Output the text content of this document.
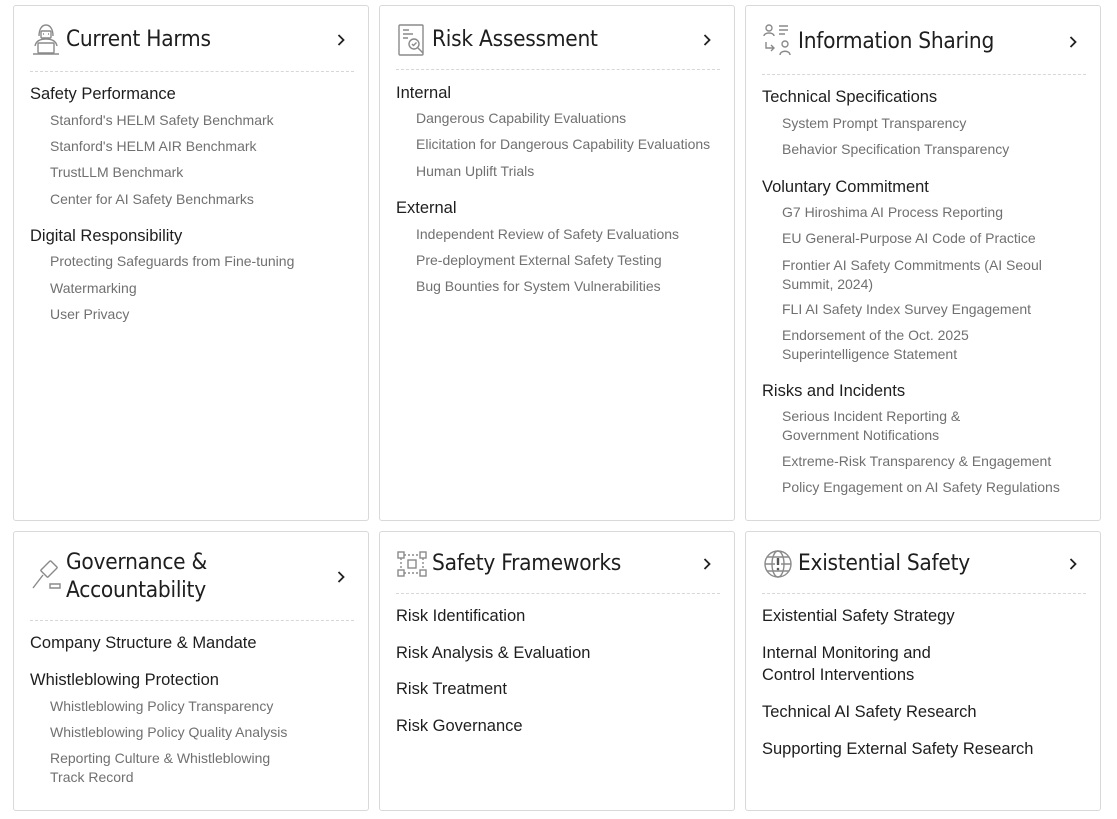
Current Harms
Safety Performance
Stanford's HELM Safety Benchmark
Stanford's HELM AIR Benchmark
TrustLLM Benchmark
Center for AI Safety Benchmarks
Digital Responsibility
Protecting Safeguards from Fine-tuning
Watermarking
User Privacy
Risk Assessment
Internal
Dangerous Capability Evaluations
Elicitation for Dangerous Capability Evaluations
Human Uplift Trials
External
Independent Review of Safety Evaluations
Pre-deployment External Safety Testing
Bug Bounties for System Vulnerabilities
Information Sharing
Technical Specifications
System Prompt Transparency
Behavior Specification Transparency
Voluntary Commitment
G7 Hiroshima AI Process Reporting
EU General-Purpose AI Code of Practice
Frontier AI Safety Commitments (AI Seoul Summit, 2024)
FLI AI Safety Index Survey Engagement
Endorsement of the Oct. 2025 Superintelligence Statement
Risks and Incidents
Serious Incident Reporting & Government Notifications
Extreme-Risk Transparency & Engagement
Policy Engagement on AI Safety Regulations
Governance &
Accountability
Company Structure & Mandate
Whistleblowing Protection
Whistleblowing Policy Transparency
Whistleblowing Policy Quality Analysis
Reporting Culture & Whistleblowing Track Record
Safety Frameworks
Risk Identification
Risk Analysis & Evaluation
Risk Treatment
Risk Governance
Existential Safety
Existential Safety Strategy
Internal Monitoring and Control Interventions
Technical AI Safety Research
Supporting External Safety Research
